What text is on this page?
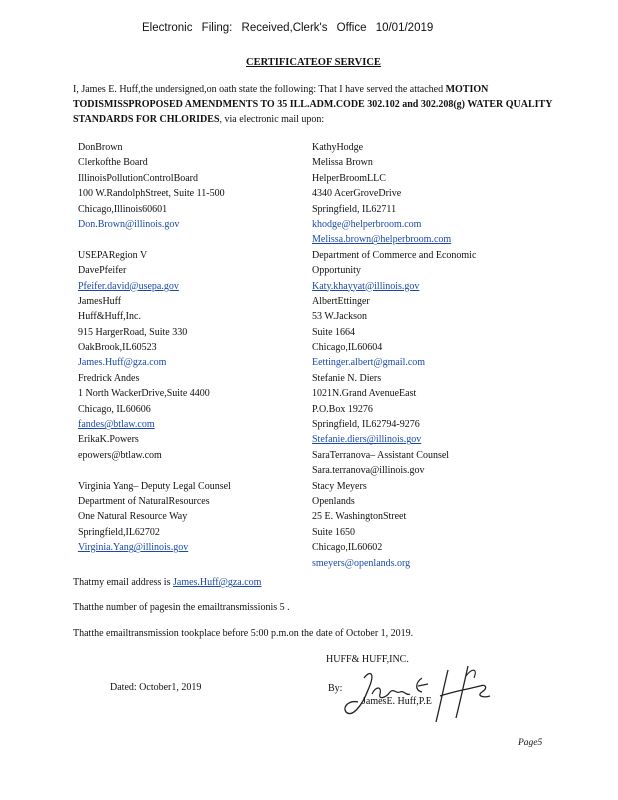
Electronic Filing: Received,Clerk's Office 10/01/2019
CERTIFICATEOF SERVICE
I, James E. Huff,the undersigned,on oath state the following: That I have served the attached MOTION TODISMISSPROPOSED AMENDMENTS TO 35 ILL.ADM.CODE 302.102 and 302.208(g) WATER QUALITY STANDARDS FOR CHLORIDES, via electronic mail upon:
DonBrown
Clerkofthe Board
IllinoisPollutionControlBoard
100 W.RandolphStreet, Suite 11-500
Chicago,Illinois60601
Don.Brown@illinois.gov
USEPARegion V
DavePfeifer
Pfeifer.david@usepa.gov
JamesHuff
Huff&Huff,Inc.
915 HargerRoad, Suite 330
OakBrook,IL60523
James.Huff@gza.com
Fredrick Andes
1 North WackerDrive,Suite 4400
Chicago, IL60606
fandes@btlaw.com
ErikaK.Powers
epowers@btlaw.com
Virginia Yang– Deputy Legal Counsel
Department of NaturalResources
One Natural Resource Way
Springfield,IL62702
Virginia.Yang@illinois.gov
KathyHodge
Melissa Brown
HelperBroomLLC
4340 AcerGroveDrive
Springfield, IL62711
khodge@helperbroom.com
Melissa.brown@helperbroom.com
Department of Commerce and Economic
Opportunity
Katy.khayyat@illinois.gov
AlbertEttinger
53 W.Jackson
Suite 1664
Chicago,IL60604
Eettinger.albert@gmail.com
Stefanie N. Diers
1021N.Grand AvenueEast
P.O.Box 19276
Springfield, IL62794-9276
Stefanie.diers@illinois.gov
SaraTerranova– Assistant Counsel
Sara.terranova@illinois.gov
Stacy Meyers
Openlands
25 E. WashingtonStreet
Suite 1650
Chicago,IL60602
smeyers@openlands.org
Thatmy email address is James.Huff@gza.com
Thatthe number of pagesin the emailtransmissionis 5 .
Thatthe emailtransmission tookplace before 5:00 p.m.on the date of October 1, 2019.
HUFF& HUFF,INC.
Dated: October1, 2019	By:
JamesE. Huff,P.E
Page5
